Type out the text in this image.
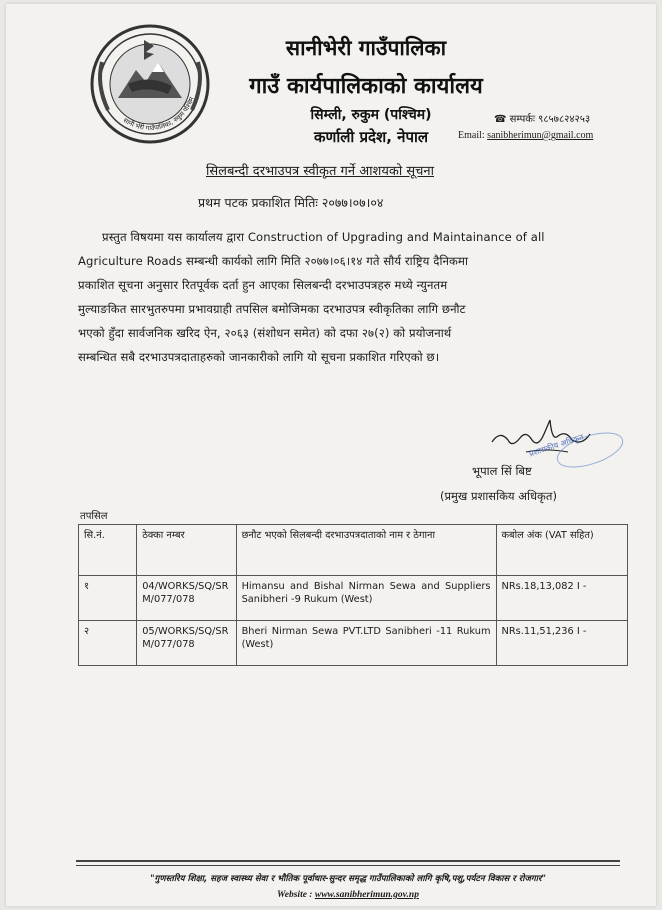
सानी भेरी गाउँपालिका, रुकुम पश्चिम
सानीभेरी गाउँपालिका
गाउँ कार्यपालिकाको कार्यालय
सिम्ली, रुकुम (पश्चिम)
कर्णाली प्रदेश, नेपाल
☎ सम्पर्कः ९८५७८२४२५३
Email: sanibherimun@gmail.com
सिलबन्दी दरभाउपत्र स्वीकृत गर्ने आशयको सूचना
प्रथम पटक प्रकाशित मितिः २०७७।०७।०४
प्रस्तुत विषयमा यस कार्यालय द्वारा Construction of Upgrading and Maintainance of all
Agriculture Roads सम्बन्धी कार्यको लागि मिति २०७७।०६।१४ गते सौर्य राष्ट्रिय दैनिकमा
प्रकाशित सूचना अनुसार रितपूर्वक दर्ता हुन आएका सिलबन्दी दरभाउपत्रहरु मध्ये न्युनतम
मुल्याङकित सारभुतरुपमा प्रभावग्राही तपसिल बमोजिमका दरभाउपत्र स्वीकृतिका लागि छनौट
भएको हुँदा सार्वजनिक खरिद ऐन, २०६३ (संशोधन समेत) को दफा २७(२) को प्रयोजनार्थ
सम्बन्धित सबै दरभाउपत्रदाताहरुको जानकारीको लागि यो सूचना प्रकाशित गरिएको छ।
प्रशासकीय अधिकृत
भूपाल सिं बिष्ट
(प्रमुख प्रशासकिय अधिकृत)
तपसिल
सि.नं.	ठेक्का नम्बर	छनौट भएको सिलबन्दी दरभाउपत्रदाताको नाम र ठेगाना	कबोल अंक (VAT सहित)
१	04/WORKS/SQ/SRM/077/078	Himansu and Bishal Nirman Sewa and Suppliers Sanibheri -9 Rukum (West)	NRs.18,13,082 I -
२	05/WORKS/SQ/SRM/077/078	Bheri Nirman Sewa PVT.LTD Sanibheri -11 Rukum (West)	NRs.11,51,236 I -
"गुणस्तरिय शिक्षा, सहज स्वास्थ्य सेवा र भौतिक पूर्वाधार-सुन्दर समृद्ध गाउँपालिकाको लागि कृषि,पशु,पर्यटन विकास र रोजगार"
Website : www.sanibherimun.gov.np
